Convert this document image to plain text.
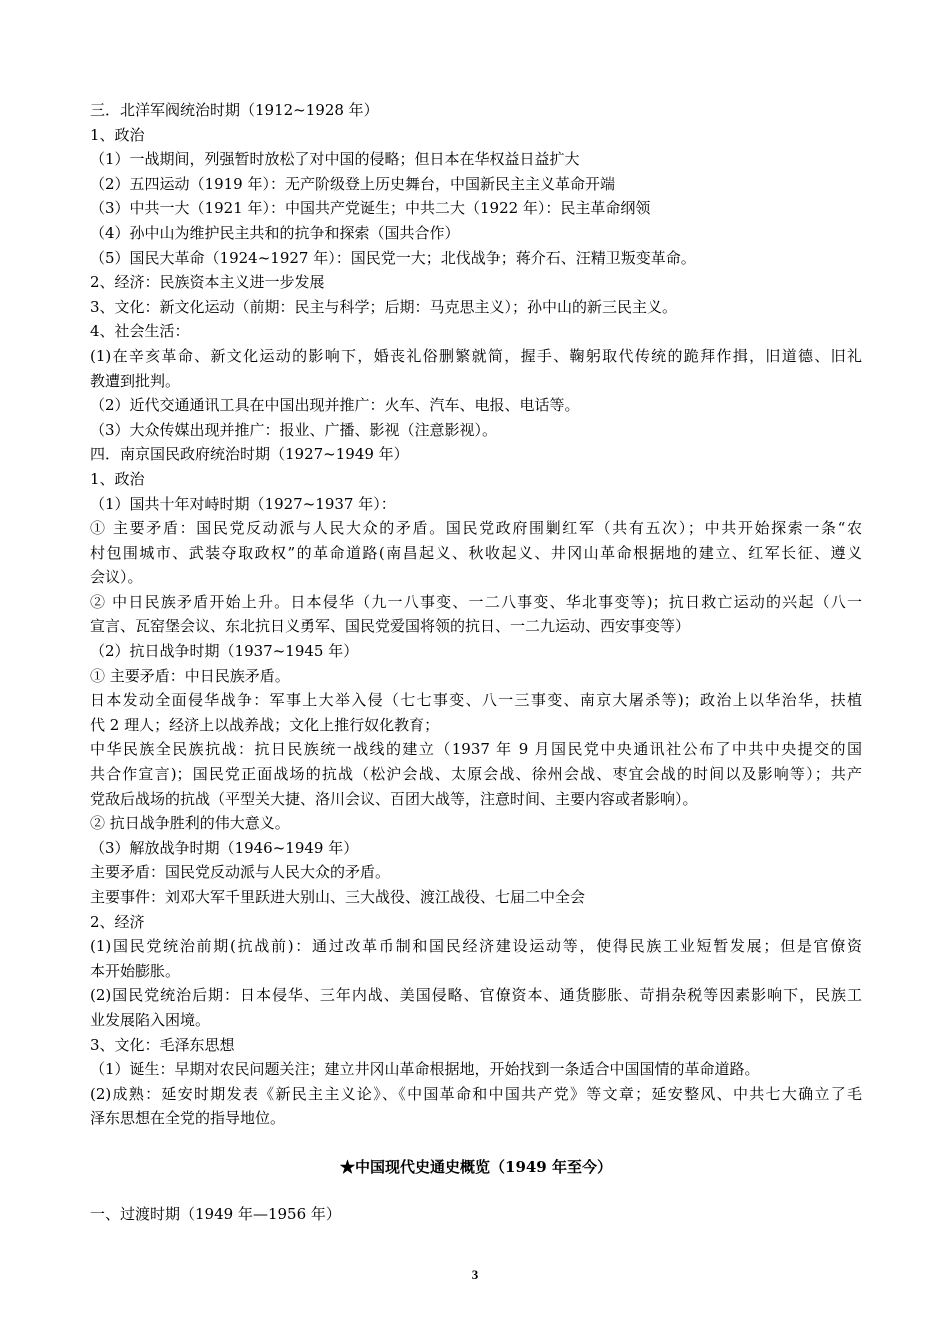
三．北洋军阀统治时期（1912~1928 年）
1、政治
（1）一战期间，列强暂时放松了对中国的侵略；但日本在华权益日益扩大
（2）五四运动（1919 年）：无产阶级登上历史舞台，中国新民主主义革命开端
（3）中共一大（1921 年）：中国共产党诞生；中共二大（1922 年）：民主革命纲领
（4）孙中山为维护民主共和的抗争和探索（国共合作）
（5）国民大革命（1924~1927 年）：国民党一大；北伐战争；蒋介石、汪精卫叛变革命。
2、经济：民族资本主义进一步发展
3、文化：新文化运动（前期：民主与科学；后期：马克思主义）；孙中山的新三民主义。
4、社会生活：
(1)在辛亥革命、新文化运动的影响下，婚丧礼俗删繁就简，握手、鞠躬取代传统的跪拜作揖，旧道德、旧礼
教遭到批判。
（2）近代交通通讯工具在中国出现并推广：火车、汽车、电报、电话等。
（3）大众传媒出现并推广：报业、广播、影视（注意影视）。
四．南京国民政府统治时期（1927~1949 年）
1、政治
（1）国共十年对峙时期（1927~1937 年）：
① 主要矛盾：国民党反动派与人民大众的矛盾。国民党政府围剿红军（共有五次）；中共开始探索一条“农
村包围城市、武装夺取政权”的革命道路(南昌起义、秋收起义、井冈山革命根据地的建立、红军长征、遵义
会议）。
② 中日民族矛盾开始上升。日本侵华（九一八事变、一二八事变、华北事变等)；抗日救亡运动的兴起（八一
宣言、瓦窑堡会议、东北抗日义勇军、国民党爱国将领的抗日、一二九运动、西安事变等）
（2）抗日战争时期（1937~1945 年）
① 主要矛盾：中日民族矛盾。
日本发动全面侵华战争：军事上大举入侵（七七事变、八一三事变、南京大屠杀等)；政治上以华治华，扶植
代 2 理人；经济上以战养战；文化上推行奴化教育；
中华民族全民族抗战：抗日民族统一战线的建立（1937 年 9 月国民党中央通讯社公布了中共中央提交的国
共合作宣言)；国民党正面战场的抗战（松沪会战、太原会战、徐州会战、枣宜会战的时间以及影响等）；共产
党敌后战场的抗战（平型关大捷、洛川会议、百团大战等，注意时间、主要内容或者影响）。
② 抗日战争胜利的伟大意义。
（3）解放战争时期（1946~1949 年）
主要矛盾：国民党反动派与人民大众的矛盾。
主要事件：刘邓大军千里跃进大别山、三大战役、渡江战役、七届二中全会
2、经济
(1)国民党统治前期(抗战前)：通过改革币制和国民经济建设运动等，使得民族工业短暂发展；但是官僚资
本开始膨胀。
(2)国民党统治后期：日本侵华、三年内战、美国侵略、官僚资本、通货膨胀、苛捐杂税等因素影响下，民族工
业发展陷入困境。
3、文化：毛泽东思想
（1）诞生：早期对农民问题关注；建立井冈山革命根据地，开始找到一条适合中国国情的革命道路。
(2)成熟：延安时期发表《新民主主义论》、《中国革命和中国共产党》等文章；延安整风、中共七大确立了毛
泽东思想在全党的指导地位。
★中国现代史通史概览（1949 年至今）
一、过渡时期（1949 年—1956 年）
3
